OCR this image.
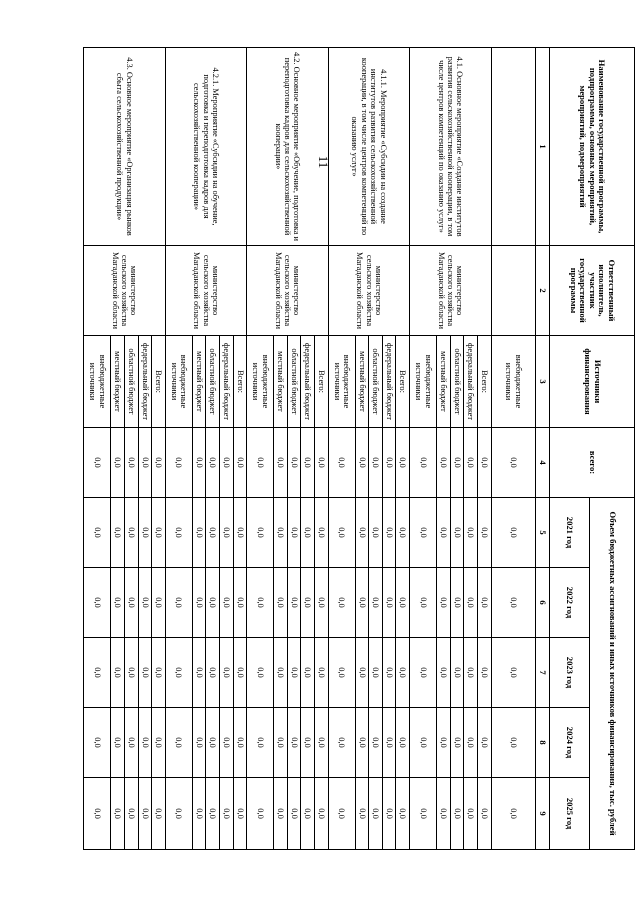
11	Наименование государственной программы, подпрограммы, основных мероприятий, мероприятий, подмероприятий	Ответственный исполнитель, участник государственной программы	Источники финансирования	всего:	Объем бюджетных ассигнований и иных источников финансирования, тыс. рублей				
				2021 год	2022 год	2023 год	2024 год	2025 год
1	2	3	4	5	6	7	8	9
		внебюджетные источники	0,0	0,0	0,0	0,0	0,0	0,0
4.1. Основное мероприятие «Создание институтов развития сельскохозяйственной кооперации, в том числе центров компетенций по оказанию услуг»	министерство сельского хозяйства Магаданской области	Всего:	0,0	0,0	0,0	0,0	0,0	0,0
		федеральный бюджет	0,0	0,0	0,0	0,0	0,0	0,0
		областной бюджет	0,0	0,0	0,0	0,0	0,0	0,0
		местный бюджет	0,0	0,0	0,0	0,0	0,0	0,0
		внебюджетные источники	0,0	0,0	0,0	0,0	0,0	0,0
4.1.1. Мероприятие «Субсидии на создание институтов развития сельскохозяйственной кооперации, в том числе центров компетенций по оказанию услуг»	министерство сельского хозяйства Магаданской области	Всего:	0,0	0,0	0,0	0,0	0,0	0,0
		федеральный бюджет	0,0	0,0	0,0	0,0	0,0	0,0
		областной бюджет	0,0	0,0	0,0	0,0	0,0	0,0
		местный бюджет	0,0	0,0	0,0	0,0	0,0	0,0
		внебюджетные источники	0,0	0,0	0,0	0,0	0,0	0,0
4.2. Основное мероприятие «Обучение, подготовка и переподготовка кадров для сельскохозяйственной кооперации»	министерство сельского хозяйства Магаданской области	Всего:	0,0	0,0	0,0	0,0	0,0	0,0
		федеральный бюджет	0,0	0,0	0,0	0,0	0,0	0,0
		областной бюджет	0,0	0,0	0,0	0,0	0,0	0,0
		местный бюджет	0,0	0,0	0,0	0,0	0,0	0,0
		внебюджетные источники	0,0	0,0	0,0	0,0	0,0	0,0
4.2.1. Мероприятие «Субсидии на обучение, подготовка и переподготовка кадров для сельскохозяйственной кооперации»	министерство сельского хозяйства Магаданской области	Всего:	0,0	0,0	0,0	0,0	0,0	0,0
		федеральный бюджет	0,0	0,0	0,0	0,0	0,0	0,0
		областной бюджет	0,0	0,0	0,0	0,0	0,0	0,0
		местный бюджет	0,0	0,0	0,0	0,0	0,0	0,0
		внебюджетные источники	0,0	0,0	0,0	0,0	0,0	0,0
4.3. Основное мероприятие «Организация рынков сбыта сельскохозяйственной продукции»	министерство сельского хозяйства Магаданской области	Всего:	0,0	0,0	0,0	0,0	0,0	0,0
		федеральный бюджет	0,0	0,0	0,0	0,0	0,0	0,0
		областной бюджет	0,0	0,0	0,0	0,0	0,0	0,0
		местный бюджет	0,0	0,0	0,0	0,0	0,0	0,0
		внебюджетные источники	0,0	0,0	0,0	0,0	0,0	0,0
